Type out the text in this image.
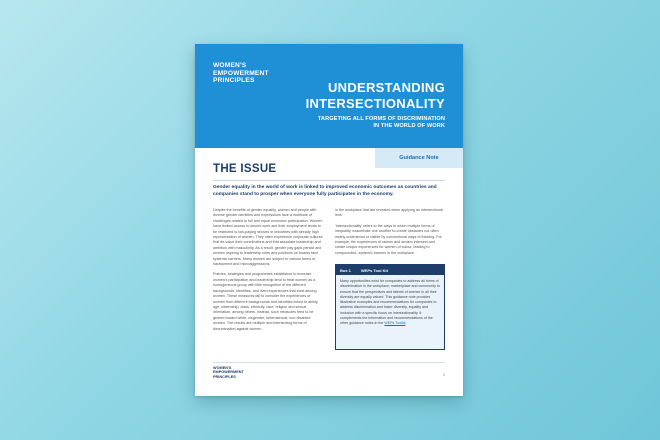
WOMEN'S
EMPOWERMENT
PRINCIPLES	UNDERSTANDING
INTERSECTIONALITY
TARGETING ALL FORMS OF DISCRIMINATION
IN THE WORLD OF WORK
Guidance Note
THE ISSUE
Gender equality in the world of work is linked to improved economic outcomes as countries and companies stand to prosper when everyone fully participates in the economy.

Despite the benefits of gender equality, women and people with diverse gender identities and expressions face a multitude of challenges related to full and equal economic participation. Women have limited access to decent work and their employment tends to be restricted to low-paying sectors or industries with already high representation of women. They often experience corporate cultures that de-value their contributions and that associate leadership and ambition with masculinity. As a result, gender pay gaps persist and women aspiring to leadership roles and positions on boards face systemic barriers. Many women are subject to various forms of harassment and microaggressions.

Policies, strategies and programmes established to increase women's participation and leadership tend to treat women as a homogeneous group with little recognition of the different backgrounds, identities, and lived experiences that exist among women. These measures fail to consider the experiences of women from different backgrounds and identities linked to ability, age, citizenship, class, ethnicity, race, religion and sexual orientation, among others. Instead, such measures tend to be geared toward white, cisgender, heterosexual, non-disabled women. The results are multiple and intersecting forms of discrimination against women

in the workplace that are revealed when applying an intersectional lens.

'Intersectionality' refers to the ways in which multiple forms of inequality, exacerbate one another to create obstacles not often widely understood or visible by conventional ways of thinking. For example, the experiences of racism and sexism intersect and create unique experiences for women of colour, leading to compounded, systemic barriers in the workplace.

Box 1	WEPs Tool Kit
Many opportunities exist for companies to address all forms of discrimination in the workplace, marketplace and community to ensure that the perspectives and talents of women in all their diversity are equally valued. This guidance note provides illustrative examples and recommendations for companies to address discrimination and foster diversity, equality and inclusion with a specific focus on intersectionality. It complements the information and recommendations of the other guidance notes in the WEPs Toolkit.
WOMEN'S
EMPOWERMENT
PRINCIPLES	1
